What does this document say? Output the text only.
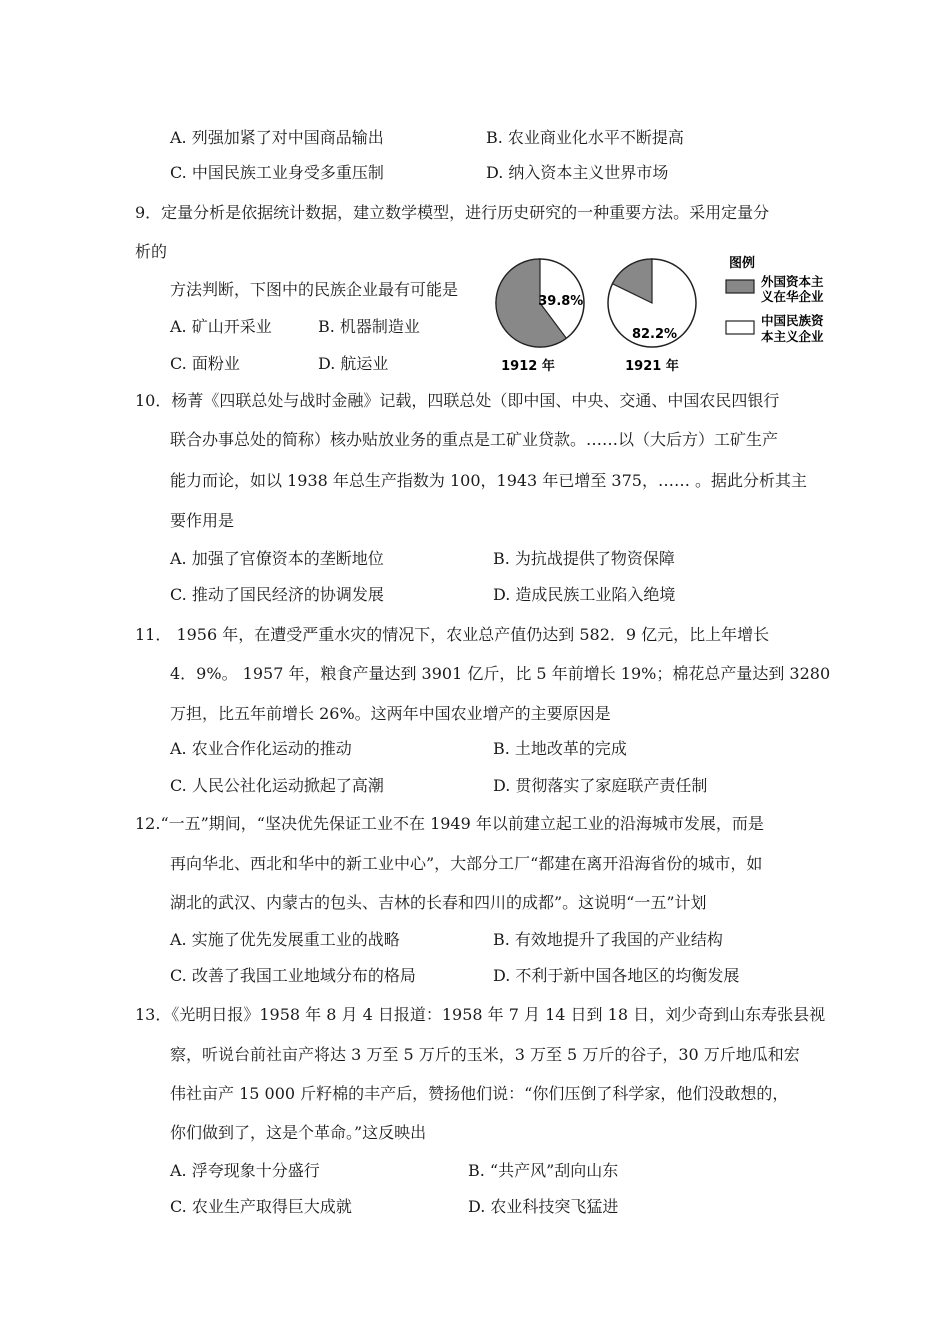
A. 列强加紧了对中国商品输出	B. 农业商业化水平不断提高
C. 中国民族工业身受多重压制	D. 纳入资本主义世界市场
9．定量分析是依据统计数据，建立数学模型，进行历史研究的一种重要方法。采用定量分
析的
方法判断，下图中的民族企业最有可能是
A. 矿山开采业	B. 机器制造业
C. 面粉业	D. 航运业
39.8%
82.2%
1912 年	1921 年
图例
外国资本主
义在华企业
中国民族资
本主义企业
10．杨菁《四联总处与战时金融》记载，四联总处（即中国、中央、交通、中国农民四银行
联合办事总处的简称）核办贴放业务的重点是工矿业贷款。……以（大后方）工矿生产
能力而论，如以 1938 年总生产指数为 100，1943 年已增至 375，…… 。据此分析其主
要作用是
A. 加强了官僚资本的垄断地位	B. 为抗战提供了物资保障
C. 推动了国民经济的协调发展	D. 造成民族工业陷入绝境
11． 1956 年，在遭受严重水灾的情况下，农业总产值仍达到 582．9 亿元，比上年增长
4．9%。 1957 年，粮食产量达到 3901 亿斤，比 5 年前增长 19%；棉花总产量达到 3280
万担，比五年前增长 26%。这两年中国农业增产的主要原因是
A. 农业合作化运动的推动	B. 土地改革的完成
C. 人民公社化运动掀起了高潮	D. 贯彻落实了家庭联产责任制
12.“一五”期间，“坚决优先保证工业不在 1949 年以前建立起工业的沿海城市发展，而是
再向华北、西北和华中的新工业中心”，大部分工厂“都建在离开沿海省份的城市，如
湖北的武汉、内蒙古的包头、吉林的长春和四川的成都”。这说明“一五”计划
A. 实施了优先发展重工业的战略	B. 有效地提升了我国的产业结构
C. 改善了我国工业地域分布的格局	D. 不利于新中国各地区的均衡发展
13．《光明日报》1958 年 8 月 4 日报道：1958 年 7 月 14 日到 18 日，刘少奇到山东寿张县视
察，听说台前社亩产将达 3 万至 5 万斤的玉米，3 万至 5 万斤的谷子，30 万斤地瓜和宏
伟社亩产 15 000 斤籽棉的丰产后，赞扬他们说：“你们压倒了科学家，他们没敢想的，
你们做到了，这是个革命。”这反映出
A. 浮夸现象十分盛行	B. “共产风”刮向山东
C. 农业生产取得巨大成就	D. 农业科技突飞猛进
